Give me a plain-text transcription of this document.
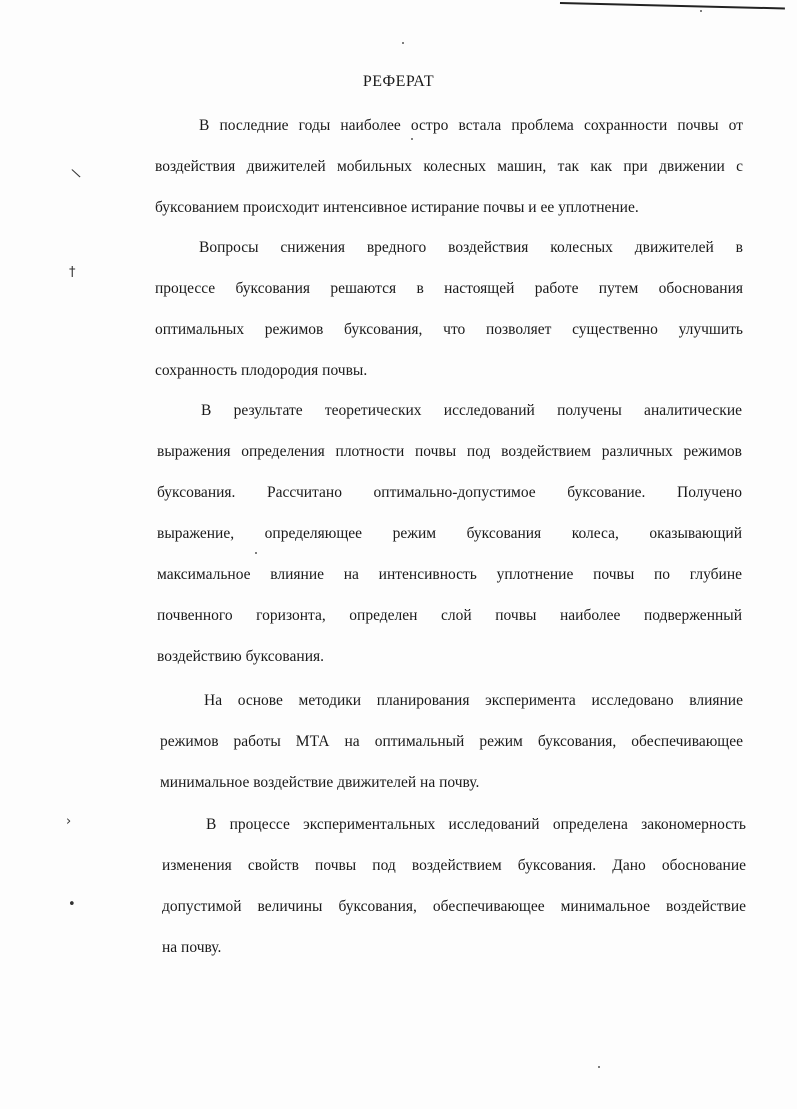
РЕФЕРАТ
В последние годы наиболее остро встала проблема сохранности почвы от
воздействия движителей мобильных колесных машин, так как при движении с
буксованием происходит интенсивное истирание почвы и ее уплотнение.
Вопросы снижения вредного воздействия колесных движителей в
процессе буксования решаются в настоящей работе путем обоснования
оптимальных режимов буксования, что позволяет существенно улучшить
сохранность плодородия почвы.
В результате теоретических исследований получены аналитические
выражения определения плотности почвы под воздействием различных режимов
буксования. Рассчитано оптимально-допустимое буксование. Получено
выражение, определяющее режим буксования колеса, оказывающий
максимальное влияние на интенсивность уплотнение почвы по глубине
почвенного горизонта, определен слой почвы наиболее подверженный
воздействию буксования.
На основе методики планирования эксперимента исследовано влияние
режимов работы МТА на оптимальный режим буксования, обеспечивающее
минимальное воздействие движителей на почву.
В процессе экспериментальных исследований определена закономерность
изменения свойств почвы под воздействием буксования. Дано обоснование
допустимой величины буксования, обеспечивающее минимальное воздействие
на почву.
∖
†
›
•
